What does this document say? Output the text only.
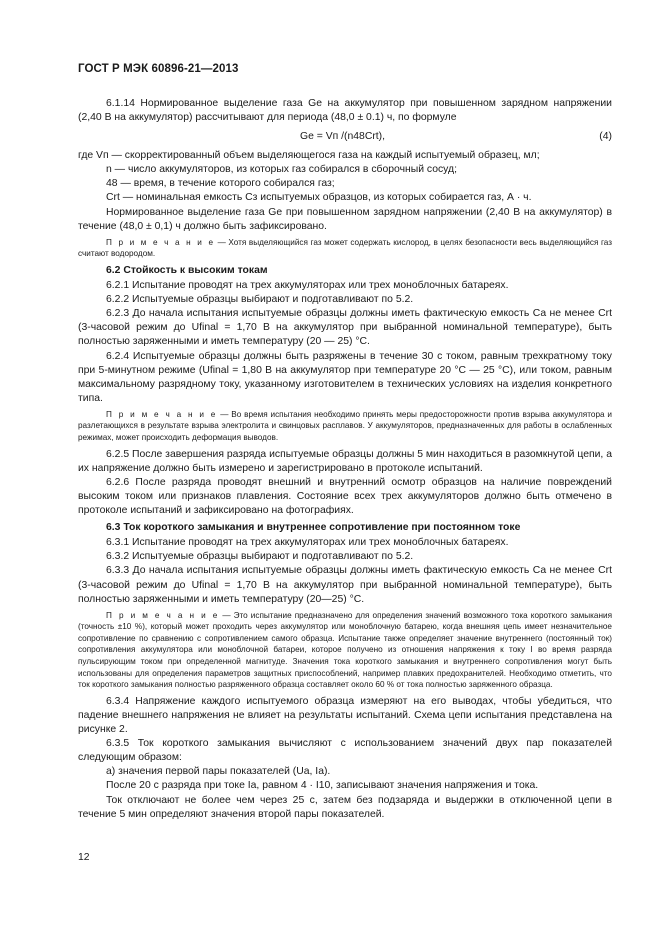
ГОСТ Р МЭК 60896-21—2013

6.1.14 Нормированное выделение газа Gе на аккумулятор при повышенном зарядном напряжении (2,40 В на аккумулятор) рассчитывают для периода (48,0 ± 0.1) ч, по формуле

Gе = Vп /(n48Crt),	(4)

где Vп — скорректированный объем выделяющегося газа на каждый испытуемый образец, мл;

n — число аккумуляторов, из которых газ собирался в сборочный сосуд;

48 — время, в течение которого собирался газ;

Crt — номинальная емкость Cз испытуемых образцов, из которых собирается газ, А · ч.

Нормированное выделение газа Gе при повышенном зарядном напряжении (2,40 В на аккумулятор) в течение (48,0 ± 0,1) ч должно быть зафиксировано.

П р и м е ч а н и е — Хотя выделяющийся газ может содержать кислород, в целях безопасности весь выделяющийся газ считают водородом.

6.2 Стойкость к высоким токам

6.2.1 Испытание проводят на трех аккумуляторах или трех моноблочных батареях.

6.2.2 Испытуемые образцы выбирают и подготавливают по 5.2.

6.2.3 До начала испытания испытуемые образцы должны иметь фактическую емкость Са не менее Crt (3-часовой режим до Ufinal = 1,70 В на аккумулятор при выбранной номинальной температуре), быть полностью заряженными и иметь температуру (20 — 25) °С.

6.2.4 Испытуемые образцы должны быть разряжены в течение 30 с током, равным трехкратному току при 5-минутном режиме (Ufinal = 1,80 В на аккумулятор при температуре 20 °С — 25 °С), или током, равным максимальному разрядному току, указанному изготовителем в технических условиях на изделия конкретного типа.

П р и м е ч а н и е — Во время испытания необходимо принять меры предосторожности против взрыва аккумулятора и разлетающихся в результате взрыва электролита и свинцовых расплавов. У аккумуляторов, предназначенных для работы в ослабленных режимах, может происходить деформация выводов.

6.2.5 После завершения разряда испытуемые образцы должны 5 мин находиться в разомкнутой цепи, а их напряжение должно быть измерено и зарегистрировано в протоколе испытаний.

6.2.6 После разряда проводят внешний и внутренний осмотр образцов на наличие повреждений высоким током или признаков плавления. Состояние всех трех аккумуляторов должно быть отмечено в протоколе испытаний и зафиксировано на фотографиях.

6.3 Ток короткого замыкания и внутреннее сопротивление при постоянном токе

6.3.1 Испытание проводят на трех аккумуляторах или трех моноблочных батареях.

6.3.2 Испытуемые образцы выбирают и подготавливают по 5.2.

6.3.3 До начала испытания испытуемые образцы должны иметь фактическую емкость Са не менее Crt (3-часовой режим до Ufinal = 1,70 В на аккумулятор при выбранной номинальной температуре), быть полностью заряженными и иметь температуру (20—25) °С.

П р и м е ч а н и е — Это испытание предназначено для определения значений возможного тока короткого замыкания (точность ±10 %), который может проходить через аккумулятор или моноблочную батарею, когда внешняя цепь имеет незначительное сопротивление по сравнению с сопротивлением самого образца. Испытание также определяет значение внутреннего (постоянный ток) сопротивления аккумулятора или моноблочной батареи, которое получено из отношения напряжения к току I во время разряда пульсирующим током при определенной магнитуде. Значения тока короткого замыкания и внутреннего сопротивления могут быть использованы для определения параметров защитных приспособлений, например плавких предохранителей. Необходимо отметить, что ток короткого замыкания полностью разряженного образца составляет около 60 % от тока полностью заряженного образца.

6.3.4 Напряжение каждого испытуемого образца измеряют на его выводах, чтобы убедиться, что падение внешнего напряжения не влияет на результаты испытаний. Схема цепи испытания представлена на рисунке 2.

6.3.5 Ток короткого замыкания вычисляют с использованием значений двух пар показателей следующим образом:

а) значения первой пары показателей (Ua, Ia).

После 20 с разряда при токе Ia, равном 4 · I10, записывают значения напряжения и тока.

Ток отключают не более чем через 25 с, затем без подзаряда и выдержки в отключенной цепи в течение 5 мин определяют значения второй пары показателей.

12
